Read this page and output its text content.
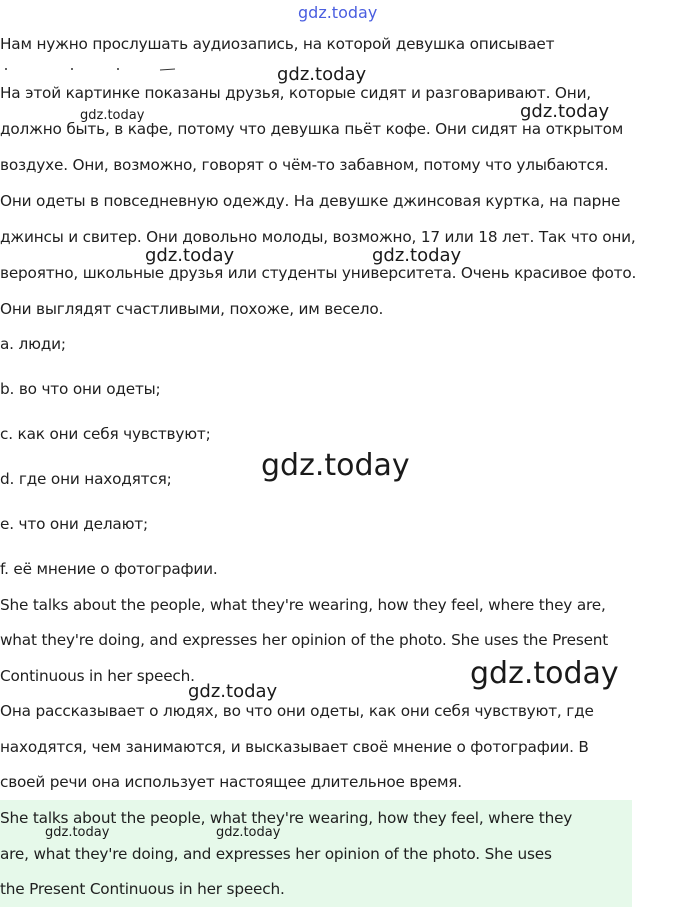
gdz.today
Нам нужно прослушать аудиозапись, на которой девушка описывает
На этой картинке показаны друзья, которые сидят и разговаривают. Они,
должно быть, в кафе, потому что девушка пьёт кофе. Они сидят на открытом
воздухе. Они, возможно, говорят о чём-то забавном, потому что улыбаются.
Они одеты в повседневную одежду. На девушке джинсовая куртка, на парне
джинсы и свитер. Они довольно молоды, возможно, 17 или 18 лет. Так что они,
вероятно, школьные друзья или студенты университета. Очень красивое фото.
Они выглядят счастливыми, похоже, им весело.
a. люди;
b. во что они одеты;
c. как они себя чувствуют;
d. где они находятся;
e. что они делают;
f. её мнение о фотографии.
She talks about the people, what they're wearing, how they feel, where they are,
what they're doing, and expresses her opinion of the photo. She uses the Present
Continuous in her speech.
Она рассказывает о людях, во что они одеты, как они себя чувствуют, где
находятся, чем занимаются, и высказывает своё мнение о фотографии. В
своей речи она использует настоящее длительное время.
She talks about the people, what they're wearing, how they feel, where they
are, what they're doing, and expresses her opinion of the photo. She uses
the Present Continuous in her speech.
gdz.today
gdz.today
gdz.today
gdz.today	gdz.today
gdz.today
gdz.today
gdz.today
gdz.today	gdz.today
